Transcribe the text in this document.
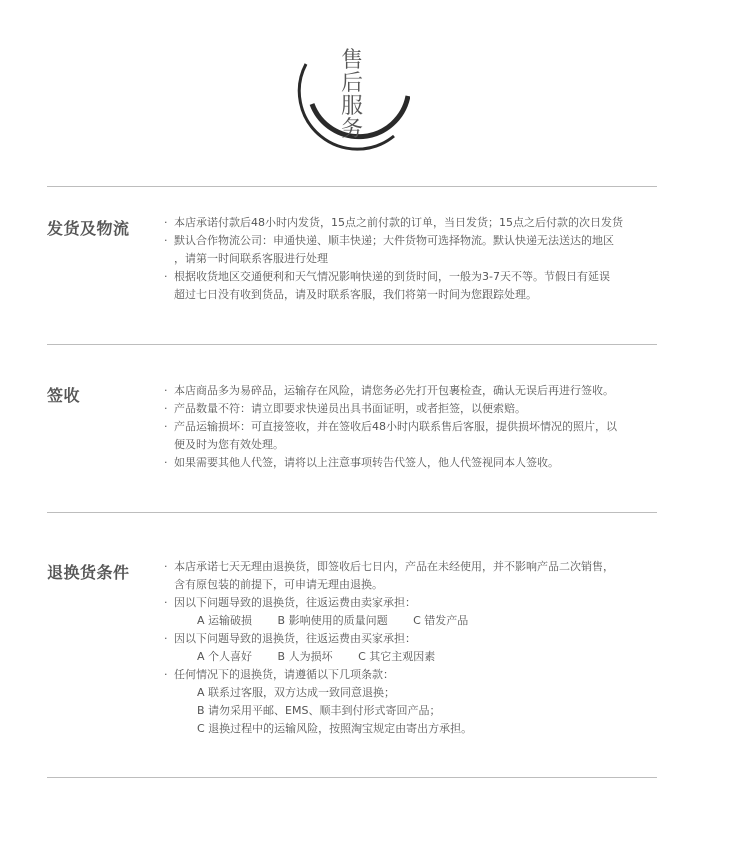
售
后
服
务
发货及物流	· 本店承诺付款后48小时内发货，15点之前付款的订单，当日发货；15点之后付款的次日发货
· 默认合作物流公司：申通快递、顺丰快递；大件货物可选择物流。默认快递无法送达的地区
，请第一时间联系客服进行处理
· 根据收货地区交通便利和天气情况影响快递的到货时间，一般为3-7天不等。节假日有延误
超过七日没有收到货品，请及时联系客服，我们将第一时间为您跟踪处理。
签收	· 本店商品多为易碎品，运输存在风险，请您务必先打开包裹检查，确认无误后再进行签收。
· 产品数量不符：请立即要求快递员出具书面证明，或者拒签，以便索赔。
· 产品运输损坏：可直接签收，并在签收后48小时内联系售后客服，提供损坏情况的照片，以
便及时为您有效处理。
· 如果需要其他人代签，请将以上注意事项转告代签人，他人代签视同本人签收。
退换货条件	· 本店承诺七天无理由退换货，即签收后七日内，产品在未经使用，并不影响产品二次销售，
含有原包装的前提下，可申请无理由退换。
· 因以下问题导致的退换货，往返运费由卖家承担：
A 运输破损 B 影响使用的质量问题 C 错发产品
· 因以下问题导致的退换货，往返运费由买家承担：
A 个人喜好 B 人为损坏 C 其它主观因素
· 任何情况下的退换货，请遵循以下几项条款：
A 联系过客服，双方达成一致同意退换；
B 请勿采用平邮、EMS、顺丰到付形式寄回产品；
C 退换过程中的运输风险，按照淘宝规定由寄出方承担。
